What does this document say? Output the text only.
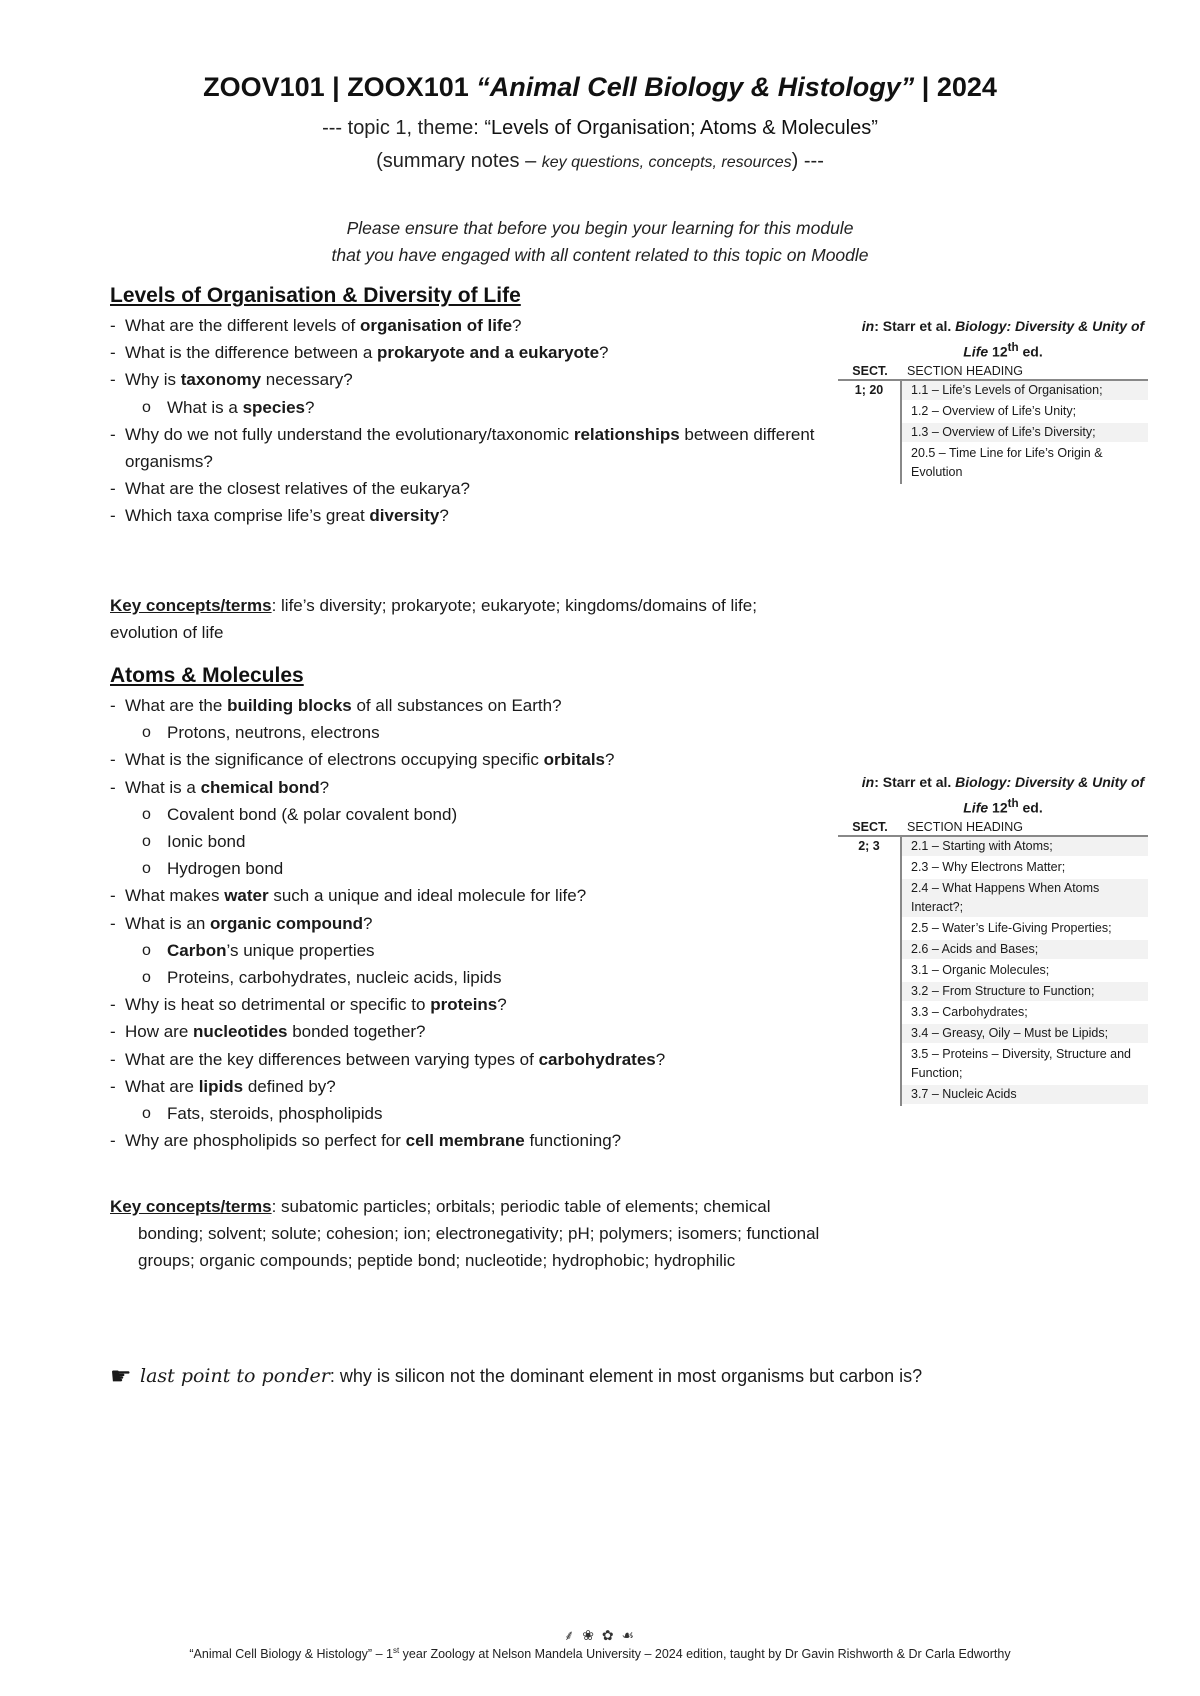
ZOOV101 | ZOOX101 “Animal Cell Biology & Histology” | 2024
--- topic 1, theme: “Levels of Organisation; Atoms & Molecules”
(summary notes – key questions, concepts, resources) ---
Please ensure that before you begin your learning for this module
that you have engaged with all content related to this topic on Moodle
Levels of Organisation & Diversity of Life
- What are the different levels of organisation of life?
- What is the difference between a prokaryote and a eukaryote?
- Why is taxonomy necessary?
o What is a species?
- Why do we not fully understand the evolutionary/taxonomic relationships between different organisms?
- What are the closest relatives of the eukarya?
- Which taxa comprise life’s great diversity?
in: Starr et al. Biology: Diversity & Unity of Life 12th ed.
SECT.	SECTION HEADING
1; 20	1.1 – Life’s Levels of Organisation;
1.2 – Overview of Life’s Unity;
1.3 – Overview of Life’s Diversity;
20.5 – Time Line for Life’s Origin & Evolution
Key concepts/terms: life’s diversity; prokaryote; eukaryote; kingdoms/domains of life; evolution of life
Atoms & Molecules
- What are the building blocks of all substances on Earth?
o Protons, neutrons, electrons
- What is the significance of electrons occupying specific orbitals?
- What is a chemical bond?
o Covalent bond (& polar covalent bond)
o Ionic bond
o Hydrogen bond
- What makes water such a unique and ideal molecule for life?
- What is an organic compound?
o Carbon’s unique properties
o Proteins, carbohydrates, nucleic acids, lipids
- Why is heat so detrimental or specific to proteins?
- How are nucleotides bonded together?
- What are the key differences between varying types of carbohydrates?
- What are lipids defined by?
o Fats, steroids, phospholipids
- Why are phospholipids so perfect for cell membrane functioning?
in: Starr et al. Biology: Diversity & Unity of Life 12th ed.
SECT.	SECTION HEADING
2; 3	2.1 – Starting with Atoms;
2.3 – Why Electrons Matter;
2.4 – What Happens When Atoms Interact?;
2.5 – Water’s Life-Giving Properties;
2.6 – Acids and Bases;
3.1 – Organic Molecules;
3.2 – From Structure to Function;
3.3 – Carbohydrates;
3.4 – Greasy, Oily – Must be Lipids;
3.5 – Proteins – Diversity, Structure and Function;
3.7 – Nucleic Acids
Key concepts/terms: subatomic particles; orbitals; periodic table of elements; chemical bonding; solvent; solute; cohesion; ion; electronegativity; pH; polymers; isomers; functional groups; organic compounds; peptide bond; nucleotide; hydrophobic; hydrophilic
☛ last point to ponder: why is silicon not the dominant element in most organisms but carbon is?
⸙ ❀ ✿ ☙
“Animal Cell Biology & Histology” – 1st year Zoology at Nelson Mandela University – 2024 edition, taught by Dr Gavin Rishworth & Dr Carla Edworthy
